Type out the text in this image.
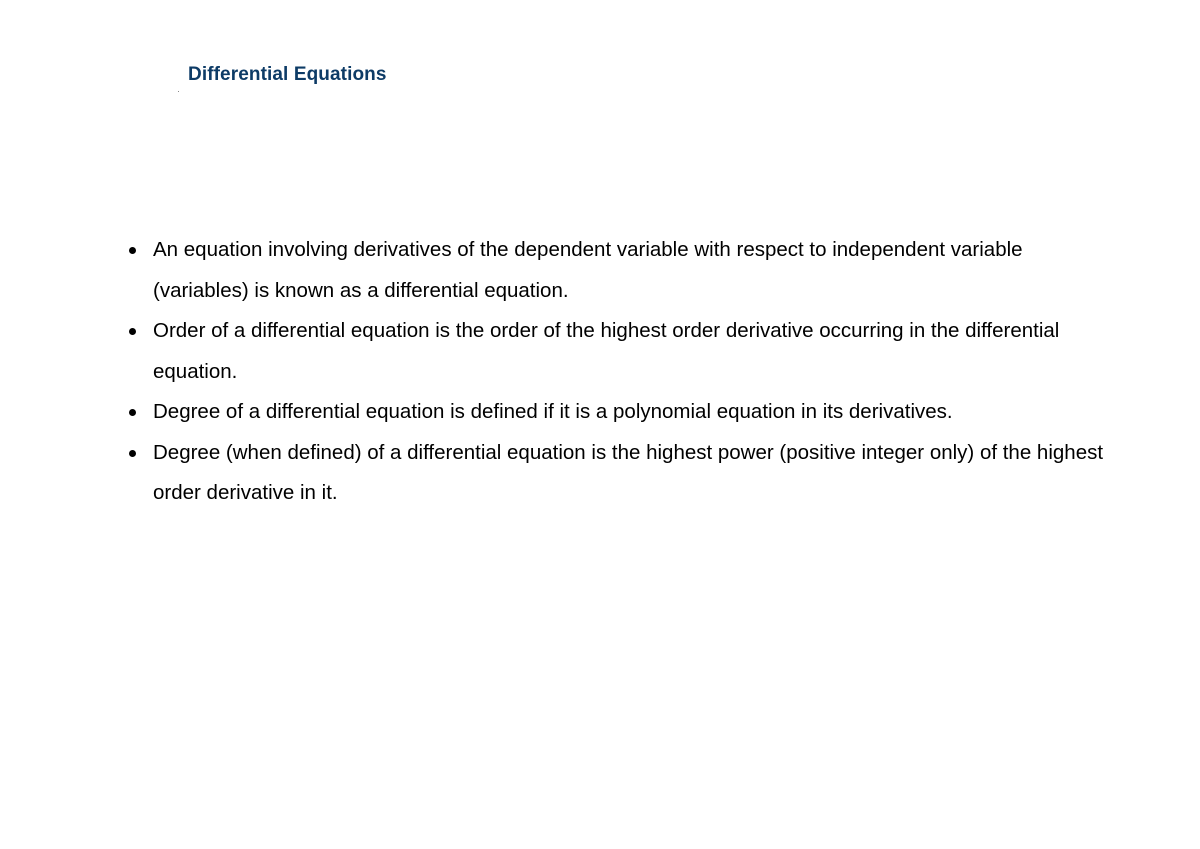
Differential Equations
An equation involving derivatives of the dependent variable with respect to independent variable (variables) is known as a differential equation.
Order of a differential equation is the order of the highest order derivative occurring in the differential equation.
Degree of a differential equation is defined if it is a polynomial equation in its derivatives.
Degree (when defined) of a differential equation is the highest power (positive integer only) of the highest order derivative in it.
